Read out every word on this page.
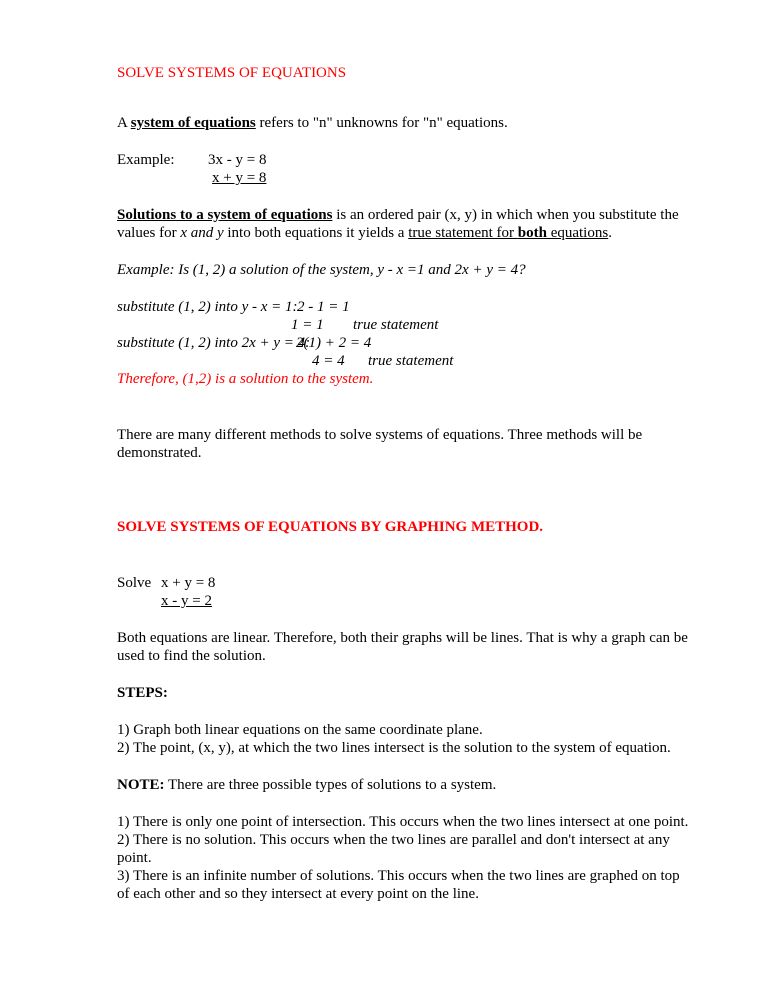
SOLVE SYSTEMS OF EQUATIONS
A system of equations refers to "n" unknowns for "n" equations.
Example: 3x - y = 8
x + y = 8
Solutions to a system of equations is an ordered pair (x, y) in which when you substitute the
values for x and y into both equations it yields a true statement for both equations.
Example: Is (1, 2) a solution of the system, y - x =1 and 2x + y = 4?
substitute (1, 2) into y - x = 1: 2 - 1 = 1
1 = 1 true statement
substitute (1, 2) into 2x + y = 4:
2(1) + 2 = 4
4 = 4 true statement
Therefore, (1,2) is a solution to the system.
There are many different methods to solve systems of equations. Three methods will be
demonstrated.
SOLVE SYSTEMS OF EQUATIONS BY GRAPHING METHOD.
Solve x + y = 8
x - y = 2
Both equations are linear. Therefore, both their graphs will be lines. That is why a graph can be
used to find the solution.
STEPS:
1) Graph both linear equations on the same coordinate plane.
2) The point, (x, y), at which the two lines intersect is the solution to the system of equation.
NOTE: There are three possible types of solutions to a system.
1) There is only one point of intersection. This occurs when the two lines intersect at one point.
2) There is no solution. This occurs when the two lines are parallel and don't intersect at any
point.
3) There is an infinite number of solutions. This occurs when the two lines are graphed on top
of each other and so they intersect at every point on the line.
